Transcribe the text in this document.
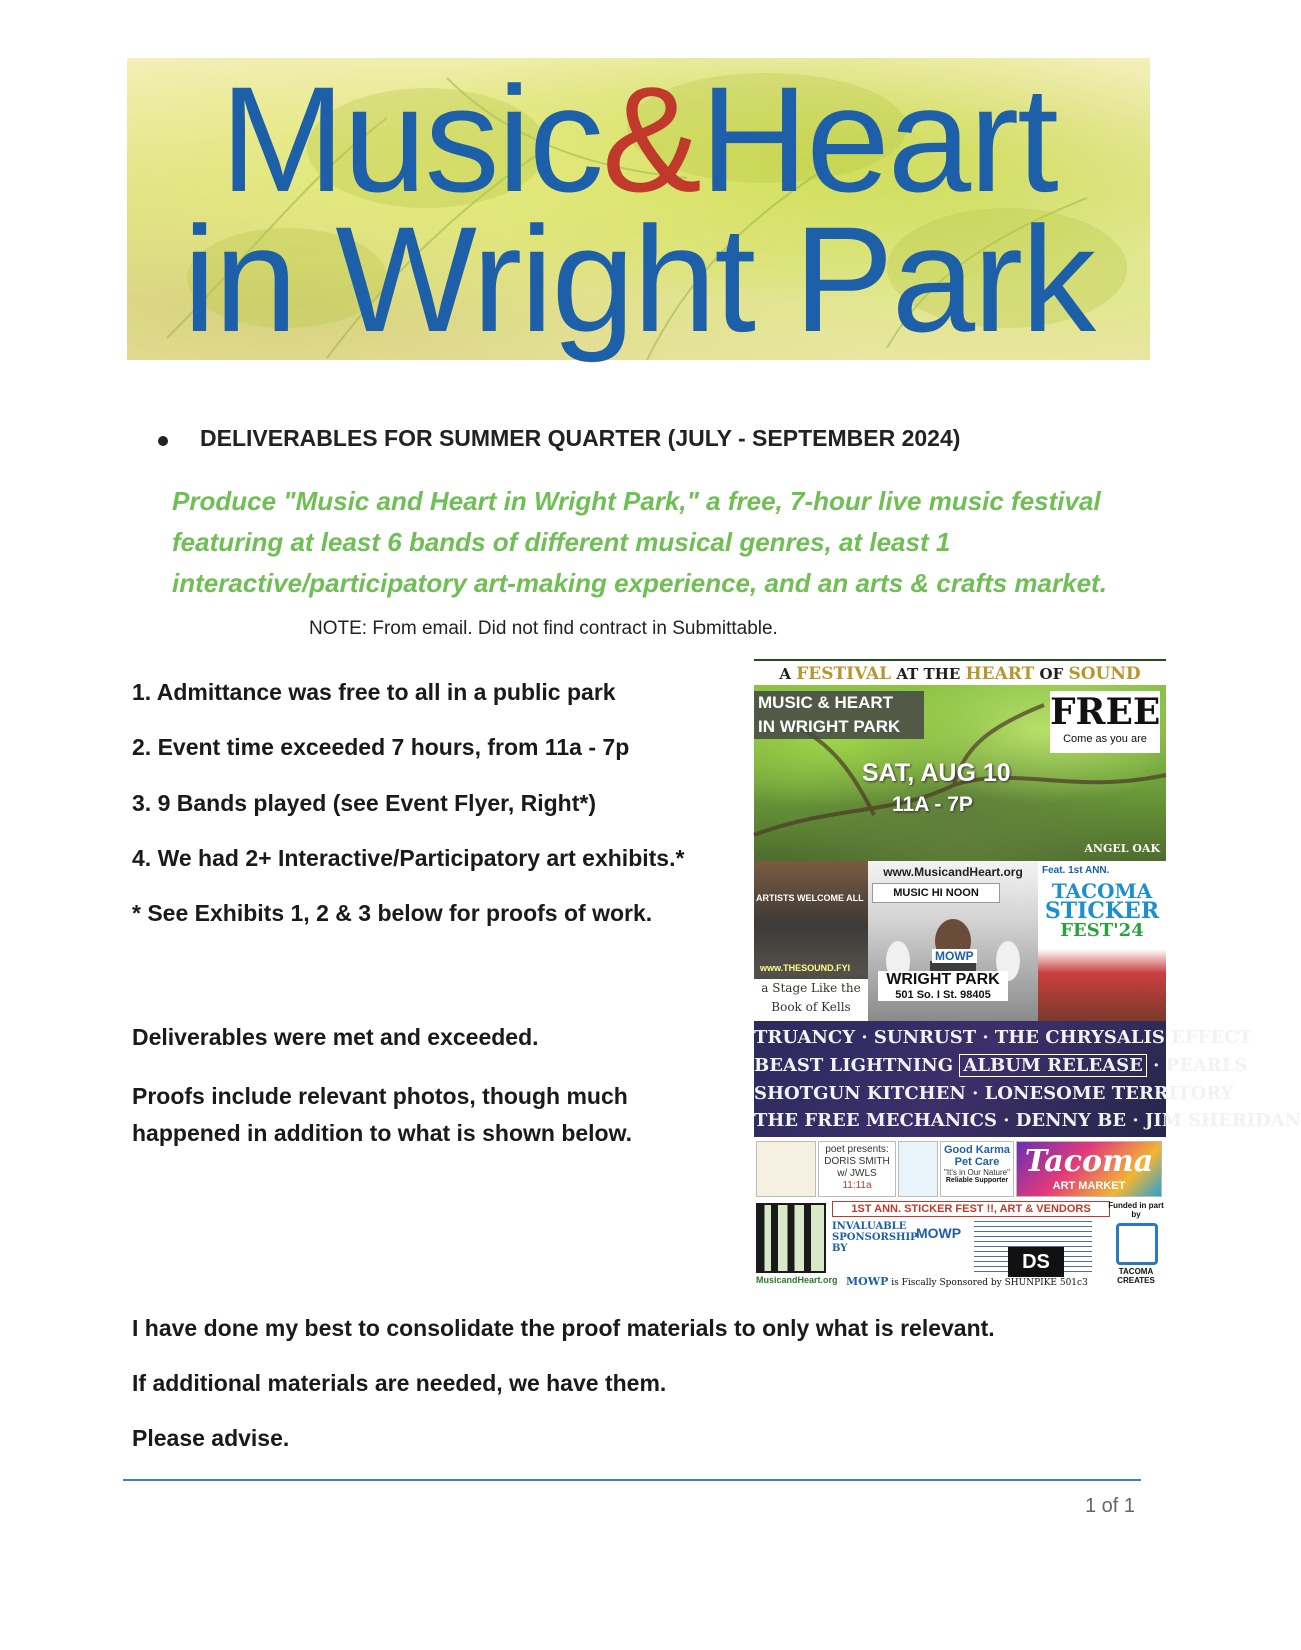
Music&Heart
in Wright Park
DELIVERABLES FOR SUMMER QUARTER (JULY - SEPTEMBER 2024)
Produce "Music and Heart in Wright Park," a free, 7-hour live music festival featuring at least 6 bands of different musical genres, at least 1 interactive/participatory art-making experience, and an arts & crafts market.
NOTE: From email. Did not find contract in Submittable.
1. Admittance was free to all in a public park
2. Event time exceeded 7 hours, from 11a - 7p
3. 9 Bands played (see Event Flyer, Right*)
4. We had 2+ Interactive/Participatory art exhibits.*
* See Exhibits 1, 2 & 3 below for proofs of work.
Deliverables were met and exceeded.
Proofs include relevant photos, though much happened in addition to what is shown below.
A FESTIVAL AT THE HEART OF SOUND
MUSIC & HEART
IN WRIGHT PARK	FREE
Come as you are
SAT, AUG 10
11A - 7P
ANGEL OAK
ARTISTS WELCOME ALL
www.THESOUND.FYI
a Stage Like the
Book of Kells
www.MusicandHeart.org
MUSIC HI NOON
MOWP
WRIGHT PARK
501 So. I St. 98405
Feat. 1st ANN.
TACOMA
STICKER
FEST'24
TRUANCY · SUNRUST · THE CHRYSALIS EFFECT
BEAST LIGHTNING ALBUM RELEASE · PEARLS
SHOTGUN KITCHEN · LONESOME TERRITORY
THE FREE MECHANICS · DENNY BE · JIM SHERIDAN
poet presents:
DORIS SMITH
w/ JWLS
11:11a
Good Karma
Pet Care
"It's in Our Nature"
Reliable Supporter
Tacoma
ART MARKET
MusicandHeart.org
1ST ANN. STICKER FEST !!, ART & VENDORS
INVALUABLE SPONSORSHIP BY
MOWP
DS
Funded in part by
TACOMA CREATES
MOWP is Fiscally Sponsored by SHUNPIKE 501c3
I have done my best to consolidate the proof materials to only what is relevant.
If additional materials are needed, we have them.
Please advise.
1 of 1
